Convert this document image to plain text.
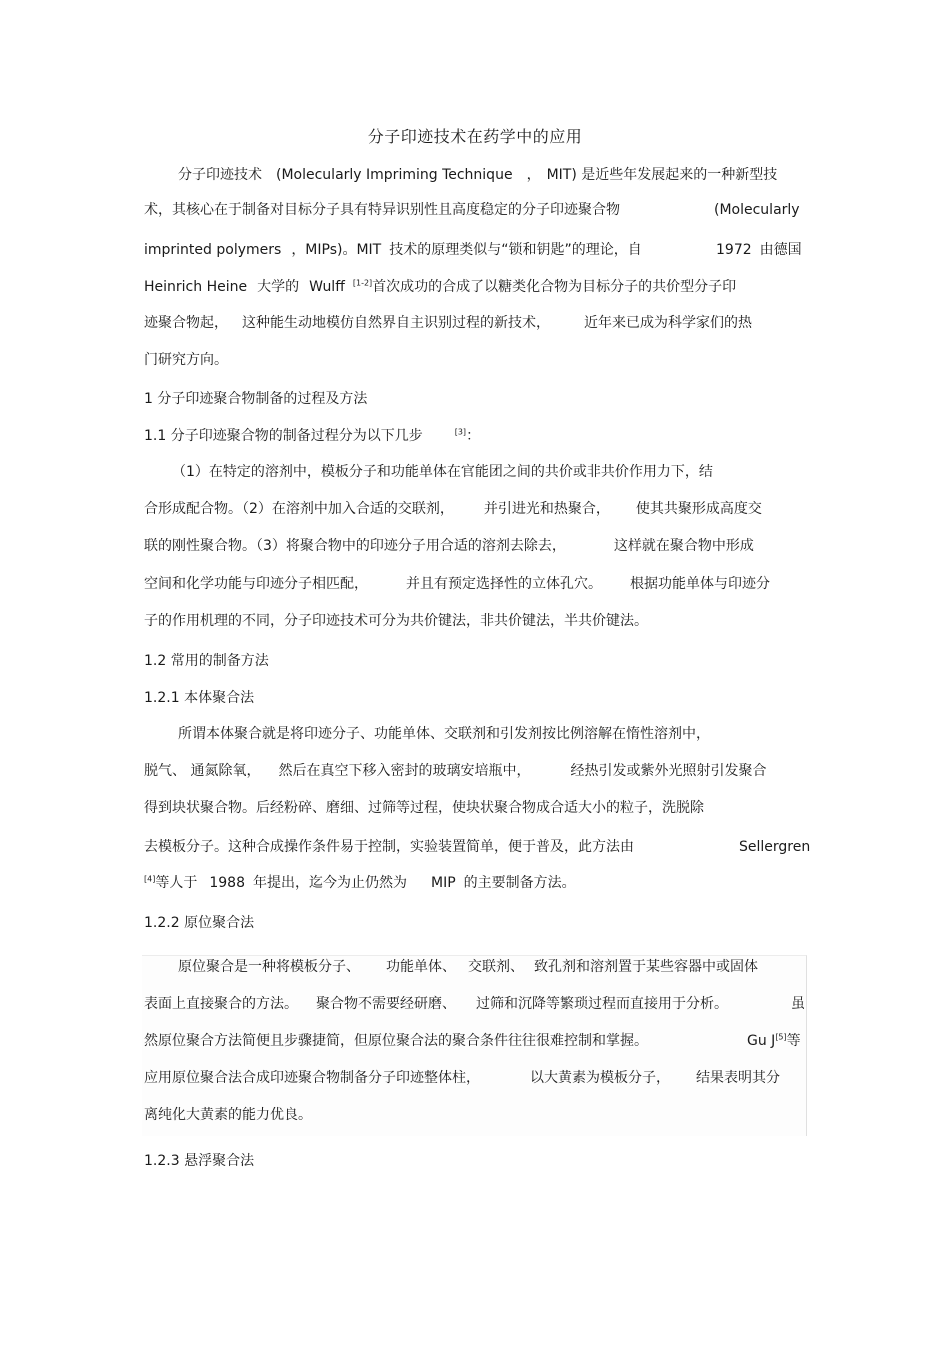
分子印迹技术在药学中的应用
分子印迹技术 (Molecularly Impriming Technique ， MIT) 是近些年发展起来的一种新型技
术，其核心在于制备对目标分子具有特异识别性且高度稳定的分子印迹聚合物	(Molecularly
imprinted polymers ，MIPs)。MIT 技术的原理类似与“锁和钥匙”的理论，自	1972 由德国
Heinrich Heine 大学的 Wulff [1-2]首次成功的合成了以糖类化合物为目标分子的共价型分子印
迹聚合物起， 这种能生动地模仿自然界自主识别过程的新技术， 近年来已成为科学家们的热
门研究方向。
1 分子印迹聚合物制备的过程及方法
1.1 分子印迹聚合物的制备过程分为以下几步	[3]：
（1）在特定的溶剂中，模板分子和功能单体在官能团之间的共价或非共价作用力下，结
合形成配合物。（2）在溶剂中加入合适的交联剂， 并引进光和热聚合， 使其共聚形成高度交
联的刚性聚合物。（3）将聚合物中的印迹分子用合适的溶剂去除去，	这样就在聚合物中形成
空间和化学功能与印迹分子相匹配，	并且有预定选择性的立体孔穴。 根据功能单体与印迹分
子的作用机理的不同，分子印迹技术可分为共价键法，非共价键法，半共价键法。
1.2 常用的制备方法
1.2.1 本体聚合法
所谓本体聚合就是将印迹分子、功能单体、交联剂和引发剂按比例溶解在惰性溶剂中，
脱气、 通氮除氧， 然后在真空下移入密封的玻璃安培瓶中，	经热引发或紫外光照射引发聚合
得到块状聚合物。后经粉碎、磨细、过筛等过程，使块状聚合物成合适大小的粒子，洗脱除
去模板分子。这种合成操作条件易于控制，实验装置简单，便于普及，此方法由	Sellergren
[4]等人于 1988 年提出，迄今为止仍然为 MIP 的主要制备方法。
1.2.2 原位聚合法
原位聚合是一种将模板分子、 功能单体、 交联剂、 致孔剂和溶剂置于某些容器中或固体
表面上直接聚合的方法。 聚合物不需要经研磨、 过筛和沉降等繁琐过程而直接用于分析。	虽
然原位聚合方法简便且步骤捷简，但原位聚合法的聚合条件往往很难控制和掌握。	Gu J[5]等
应用原位聚合法合成印迹聚合物制备分子印迹整体柱，	以大黄素为模板分子， 结果表明其分
离纯化大黄素的能力优良。
1.2.3 悬浮聚合法
